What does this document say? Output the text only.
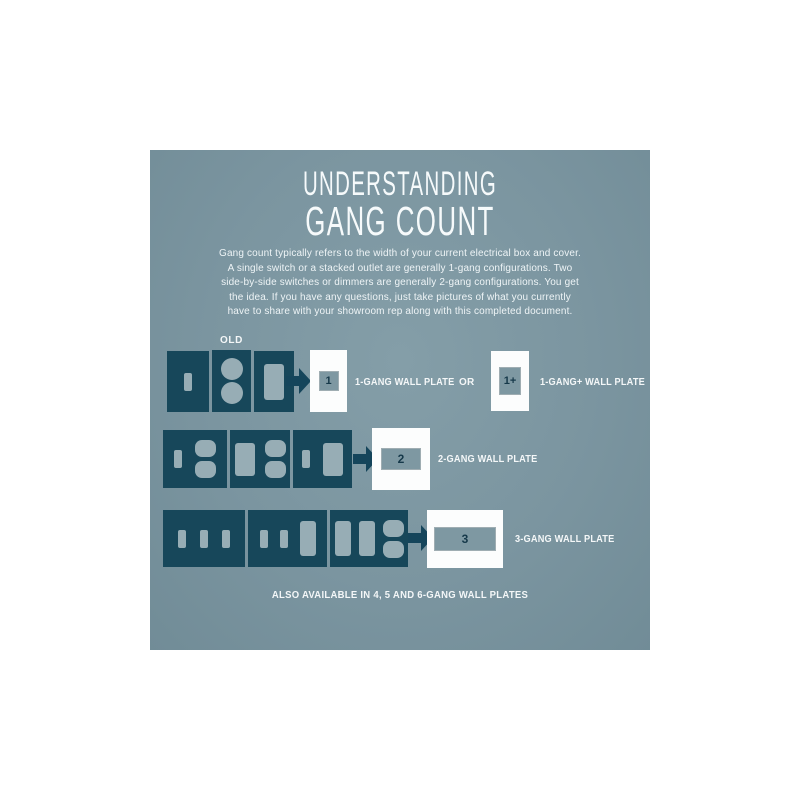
UNDERSTANDING
GANG COUNT
Gang count typically refers to the width of your current electrical box and cover. A single switch or a stacked outlet are generally 1-gang configurations. Two side-by-side switches or dimmers are generally 2-gang configurations. You get the idea. If you have any questions, just take pictures of what you currently have to share with your showroom rep along with this completed document.
OLD
1	1-GANG WALL PLATE OR	1+	1-GANG+ WALL PLATE
2	2-GANG WALL PLATE
3	3-GANG WALL PLATE
ALSO AVAILABLE IN 4, 5 AND 6-GANG WALL PLATES
